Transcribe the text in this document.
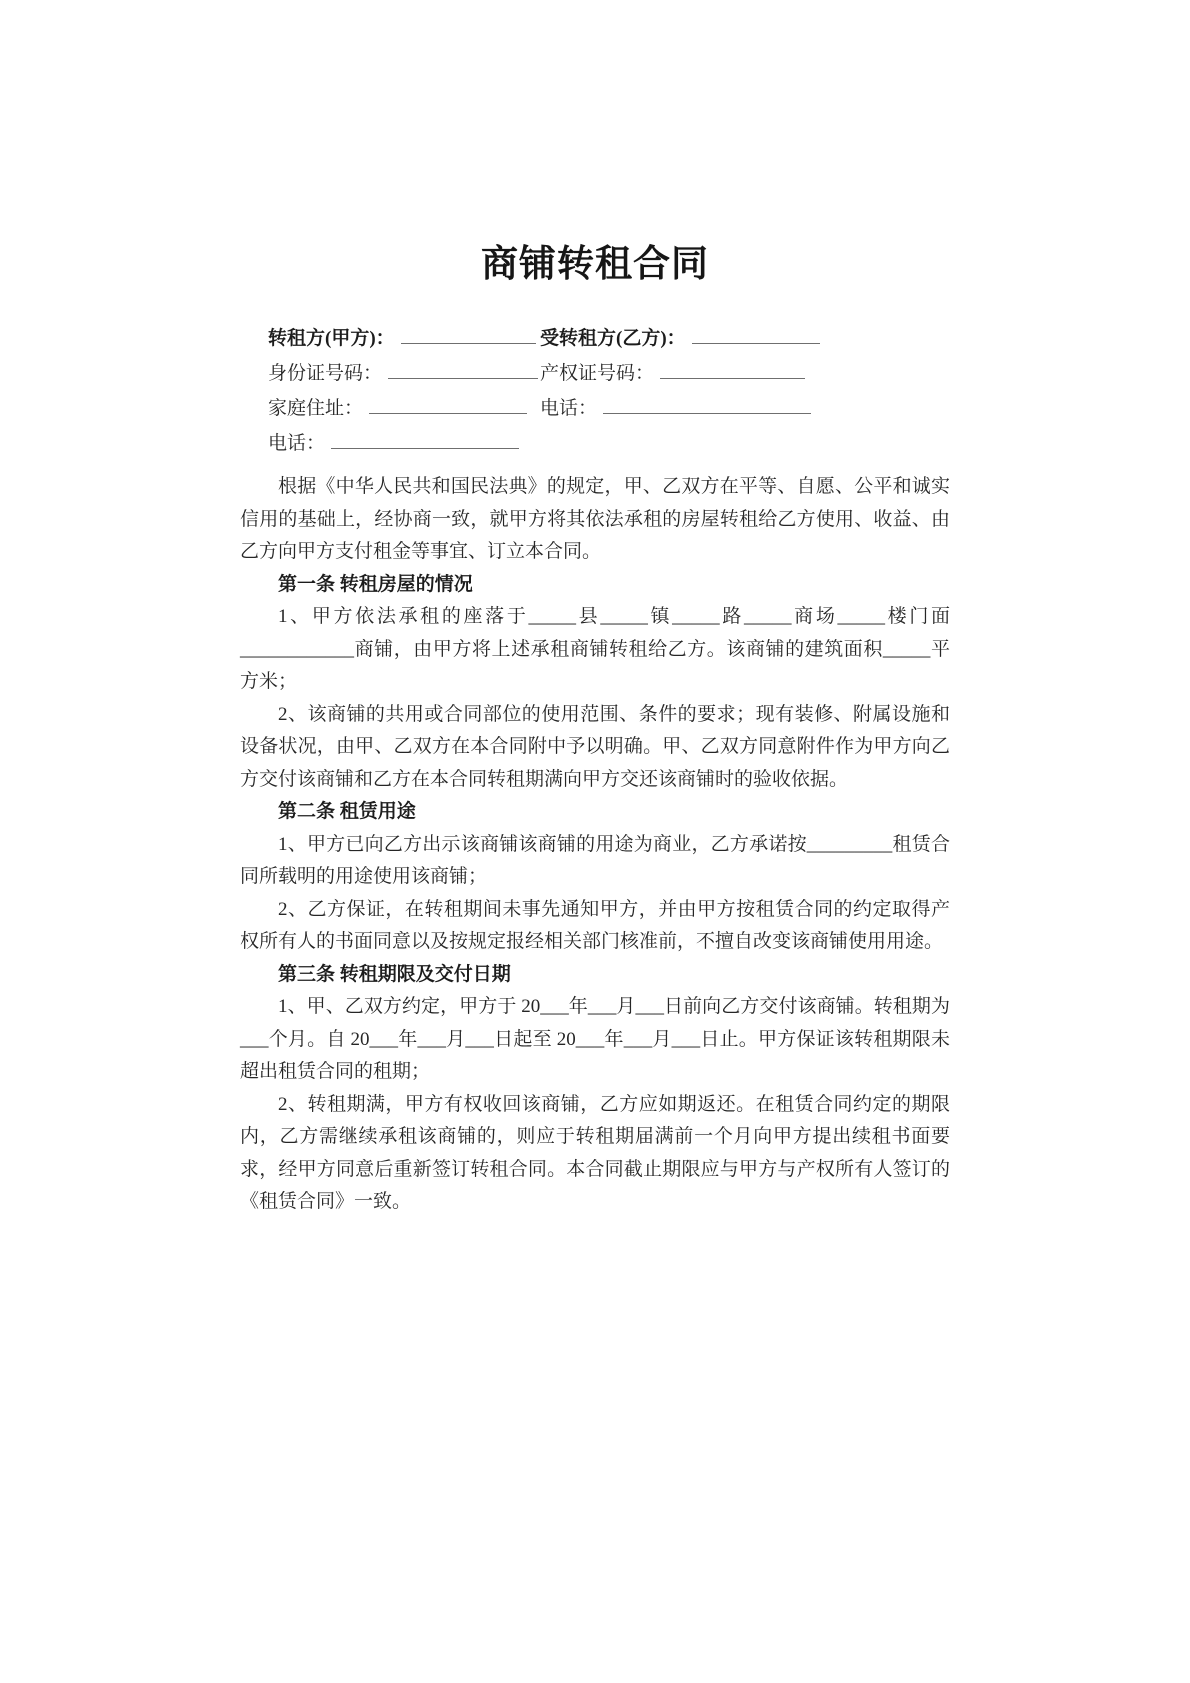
商铺转租合同
转租方(甲方)：	受转租方(乙方)：
身份证号码：	产权证号码：
家庭住址：	电话：
电话：

根据《中华人民共和国民法典》的规定，甲、乙双方在平等、自愿、公平和诚实信用的基础上，经协商一致，就甲方将其依法承租的房屋转租给乙方使用、收益、由乙方向甲方支付租金等事宜、订立本合同。

第一条 转租房屋的情况

1、甲方依法承租的座落于_____县_____镇_____路_____商场_____楼门面____________商铺，由甲方将上述承租商铺转租给乙方。该商铺的建筑面积_____平方米；

2、该商铺的共用或合同部位的使用范围、条件的要求；现有装修、附属设施和设备状况，由甲、乙双方在本合同附中予以明确。甲、乙双方同意附件作为甲方向乙方交付该商铺和乙方在本合同转租期满向甲方交还该商铺时的验收依据。

第二条 租赁用途

1、甲方已向乙方出示该商铺该商铺的用途为商业，乙方承诺按_________租赁合同所载明的用途使用该商铺；

2、乙方保证，在转租期间未事先通知甲方，并由甲方按租赁合同的约定取得产权所有人的书面同意以及按规定报经相关部门核准前，不擅自改变该商铺使用用途。

第三条 转租期限及交付日期

1、甲、乙双方约定，甲方于 20___年___月___日前向乙方交付该商铺。转租期为___个月。自 20___年___月___日起至 20___年___月___日止。甲方保证该转租期限未超出租赁合同的租期；

2、转租期满，甲方有权收回该商铺，乙方应如期返还。在租赁合同约定的期限内，乙方需继续承租该商铺的，则应于转租期届满前一个月向甲方提出续租书面要求，经甲方同意后重新签订转租合同。本合同截止期限应与甲方与产权所有人签订的《租赁合同》一致。
